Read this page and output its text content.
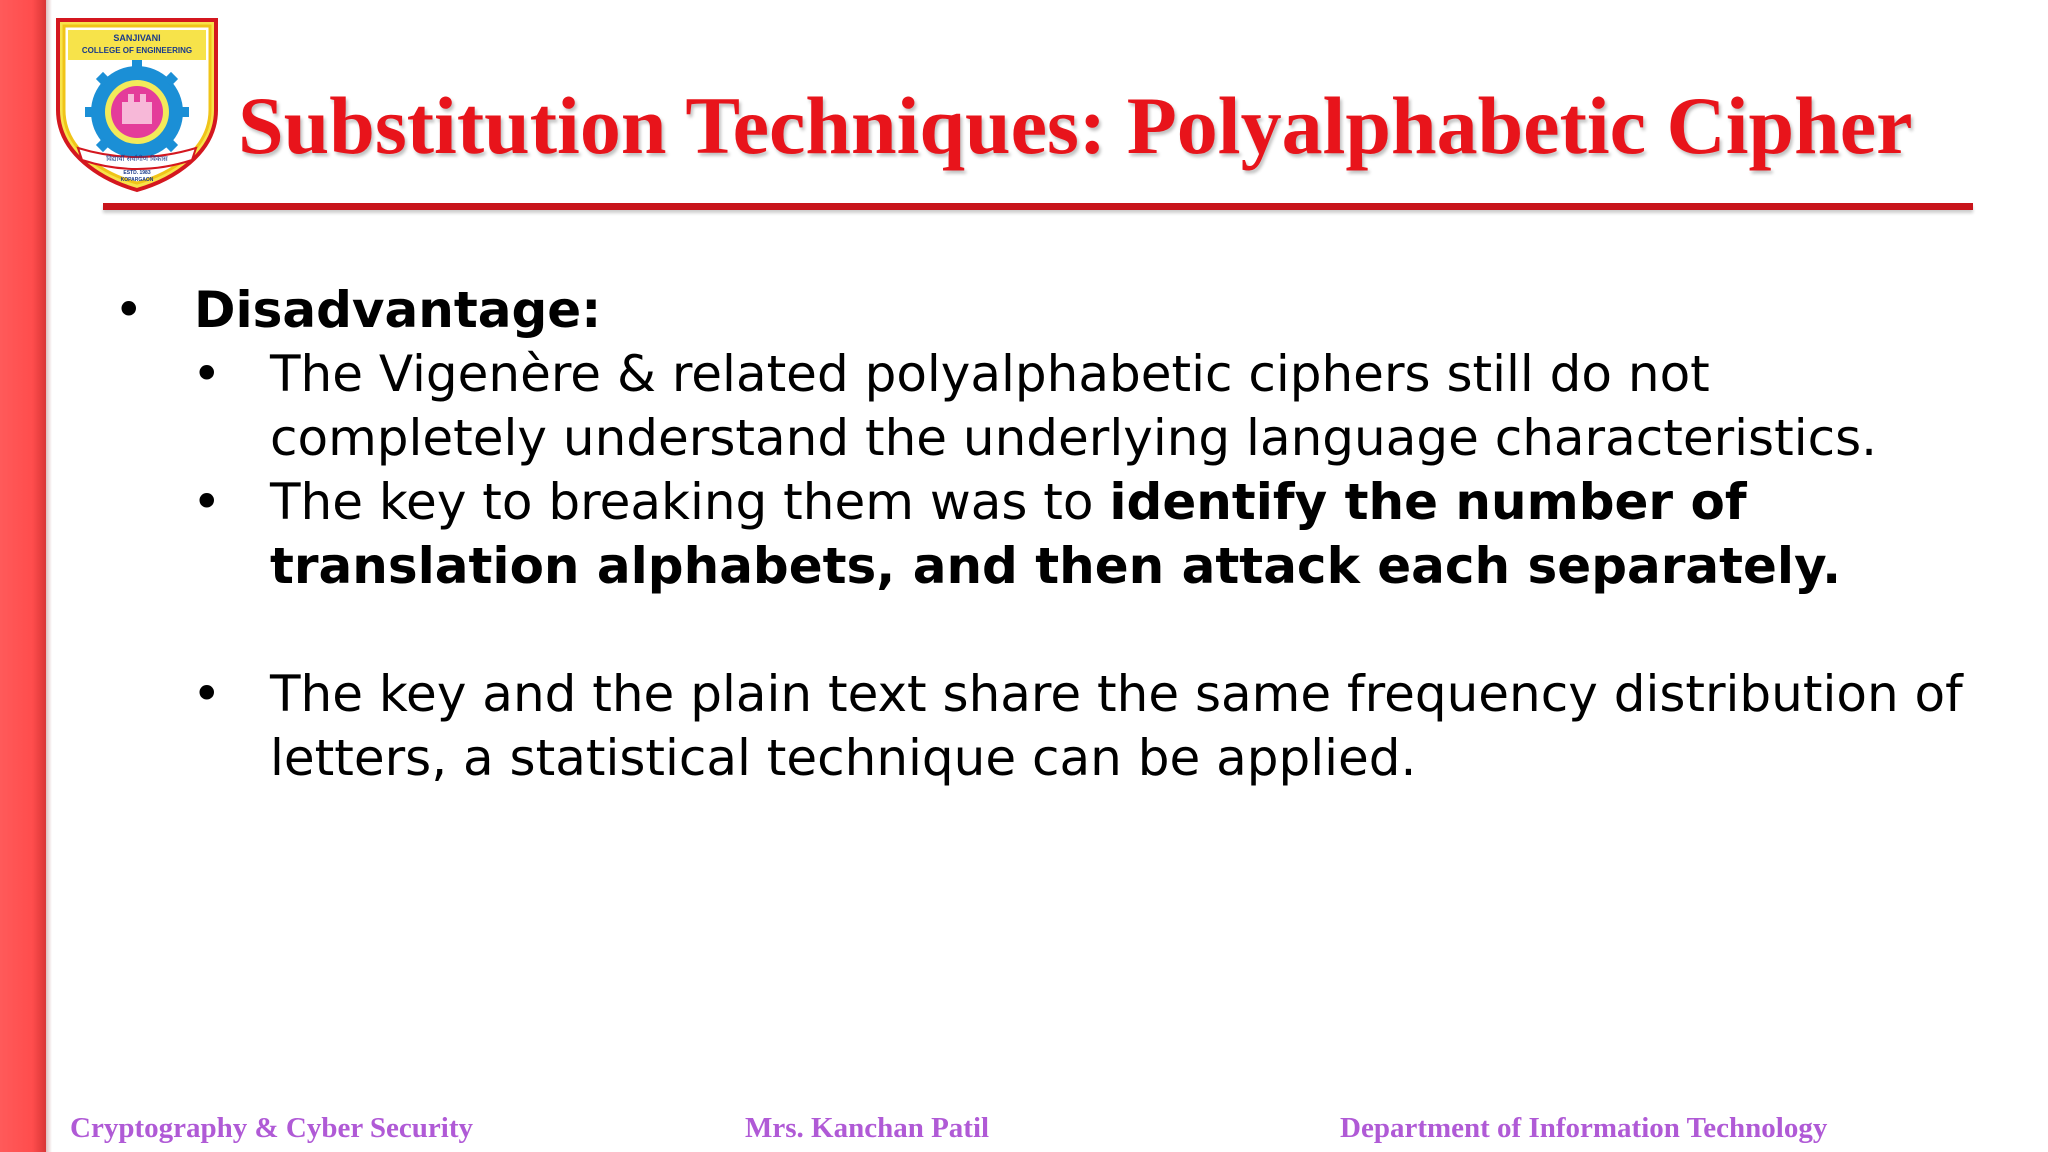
SANJIVANI
COLLEGE OF ENGINEERING
विद्यार्थी सर्वांगीण विकास
ESTD. 1983
KOPARGAON
Substitution Techniques: Polyalphabetic Cipher

• Disadvantage:

• The Vigenère & related polyalphabetic ciphers still do not completely understand the underlying language characteristics.

• The key to breaking them was to identify the number of translation alphabets, and then attack each separately.

• The key and the plain text share the same frequency distribution of letters, a statistical technique can be applied.

Cryptography & Cyber Security	Mrs. Kanchan Patil	Department of Information Technology
